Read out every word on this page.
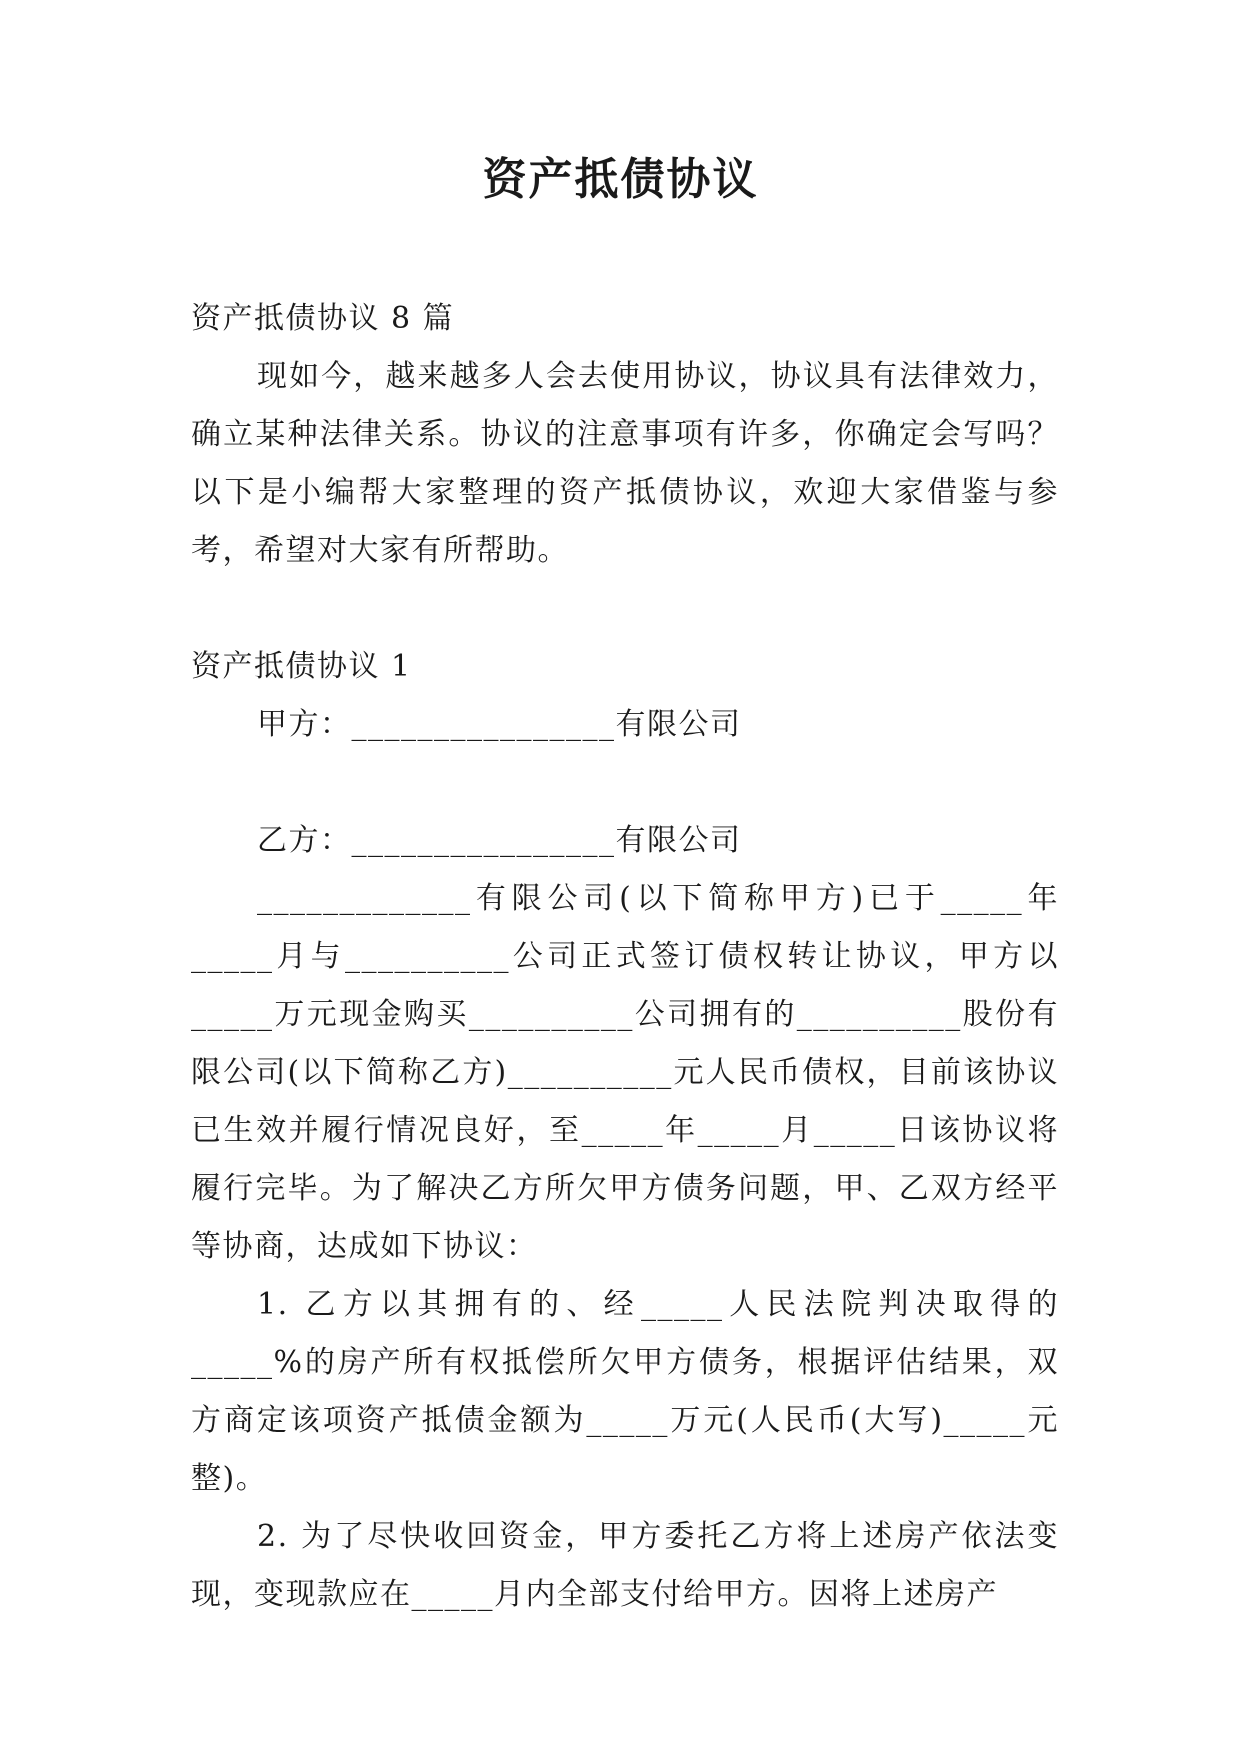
资产抵债协议

资产抵债协议 8 篇

现如今，越来越多人会去使用协议，协议具有法律效力，确立某种法律关系。协议的注意事项有许多，你确定会写吗？以下是小编帮大家整理的资产抵债协议，欢迎大家借鉴与参考，希望对大家有所帮助。

资产抵债协议 1

甲方：________________有限公司

乙方：________________有限公司

_____________有限公司(以下简称甲方)已于_____年_____月与__________公司正式签订债权转让协议，甲方以_____万元现金购买__________公司拥有的__________股份有限公司(以下简称乙方)__________元人民币债权，目前该协议已生效并履行情况良好，至_____年_____月_____日该协议将履行完毕。为了解决乙方所欠甲方债务问题，甲、乙双方经平等协商，达成如下协议：

1. 乙方以其拥有的、经_____人民法院判决取得的_____%的房产所有权抵偿所欠甲方债务，根据评估结果，双方商定该项资产抵债金额为_____万元(人民币(大写)_____元整)。

2. 为了尽快收回资金，甲方委托乙方将上述房产依法变现，变现款应在_____月内全部支付给甲方。因将上述房产
